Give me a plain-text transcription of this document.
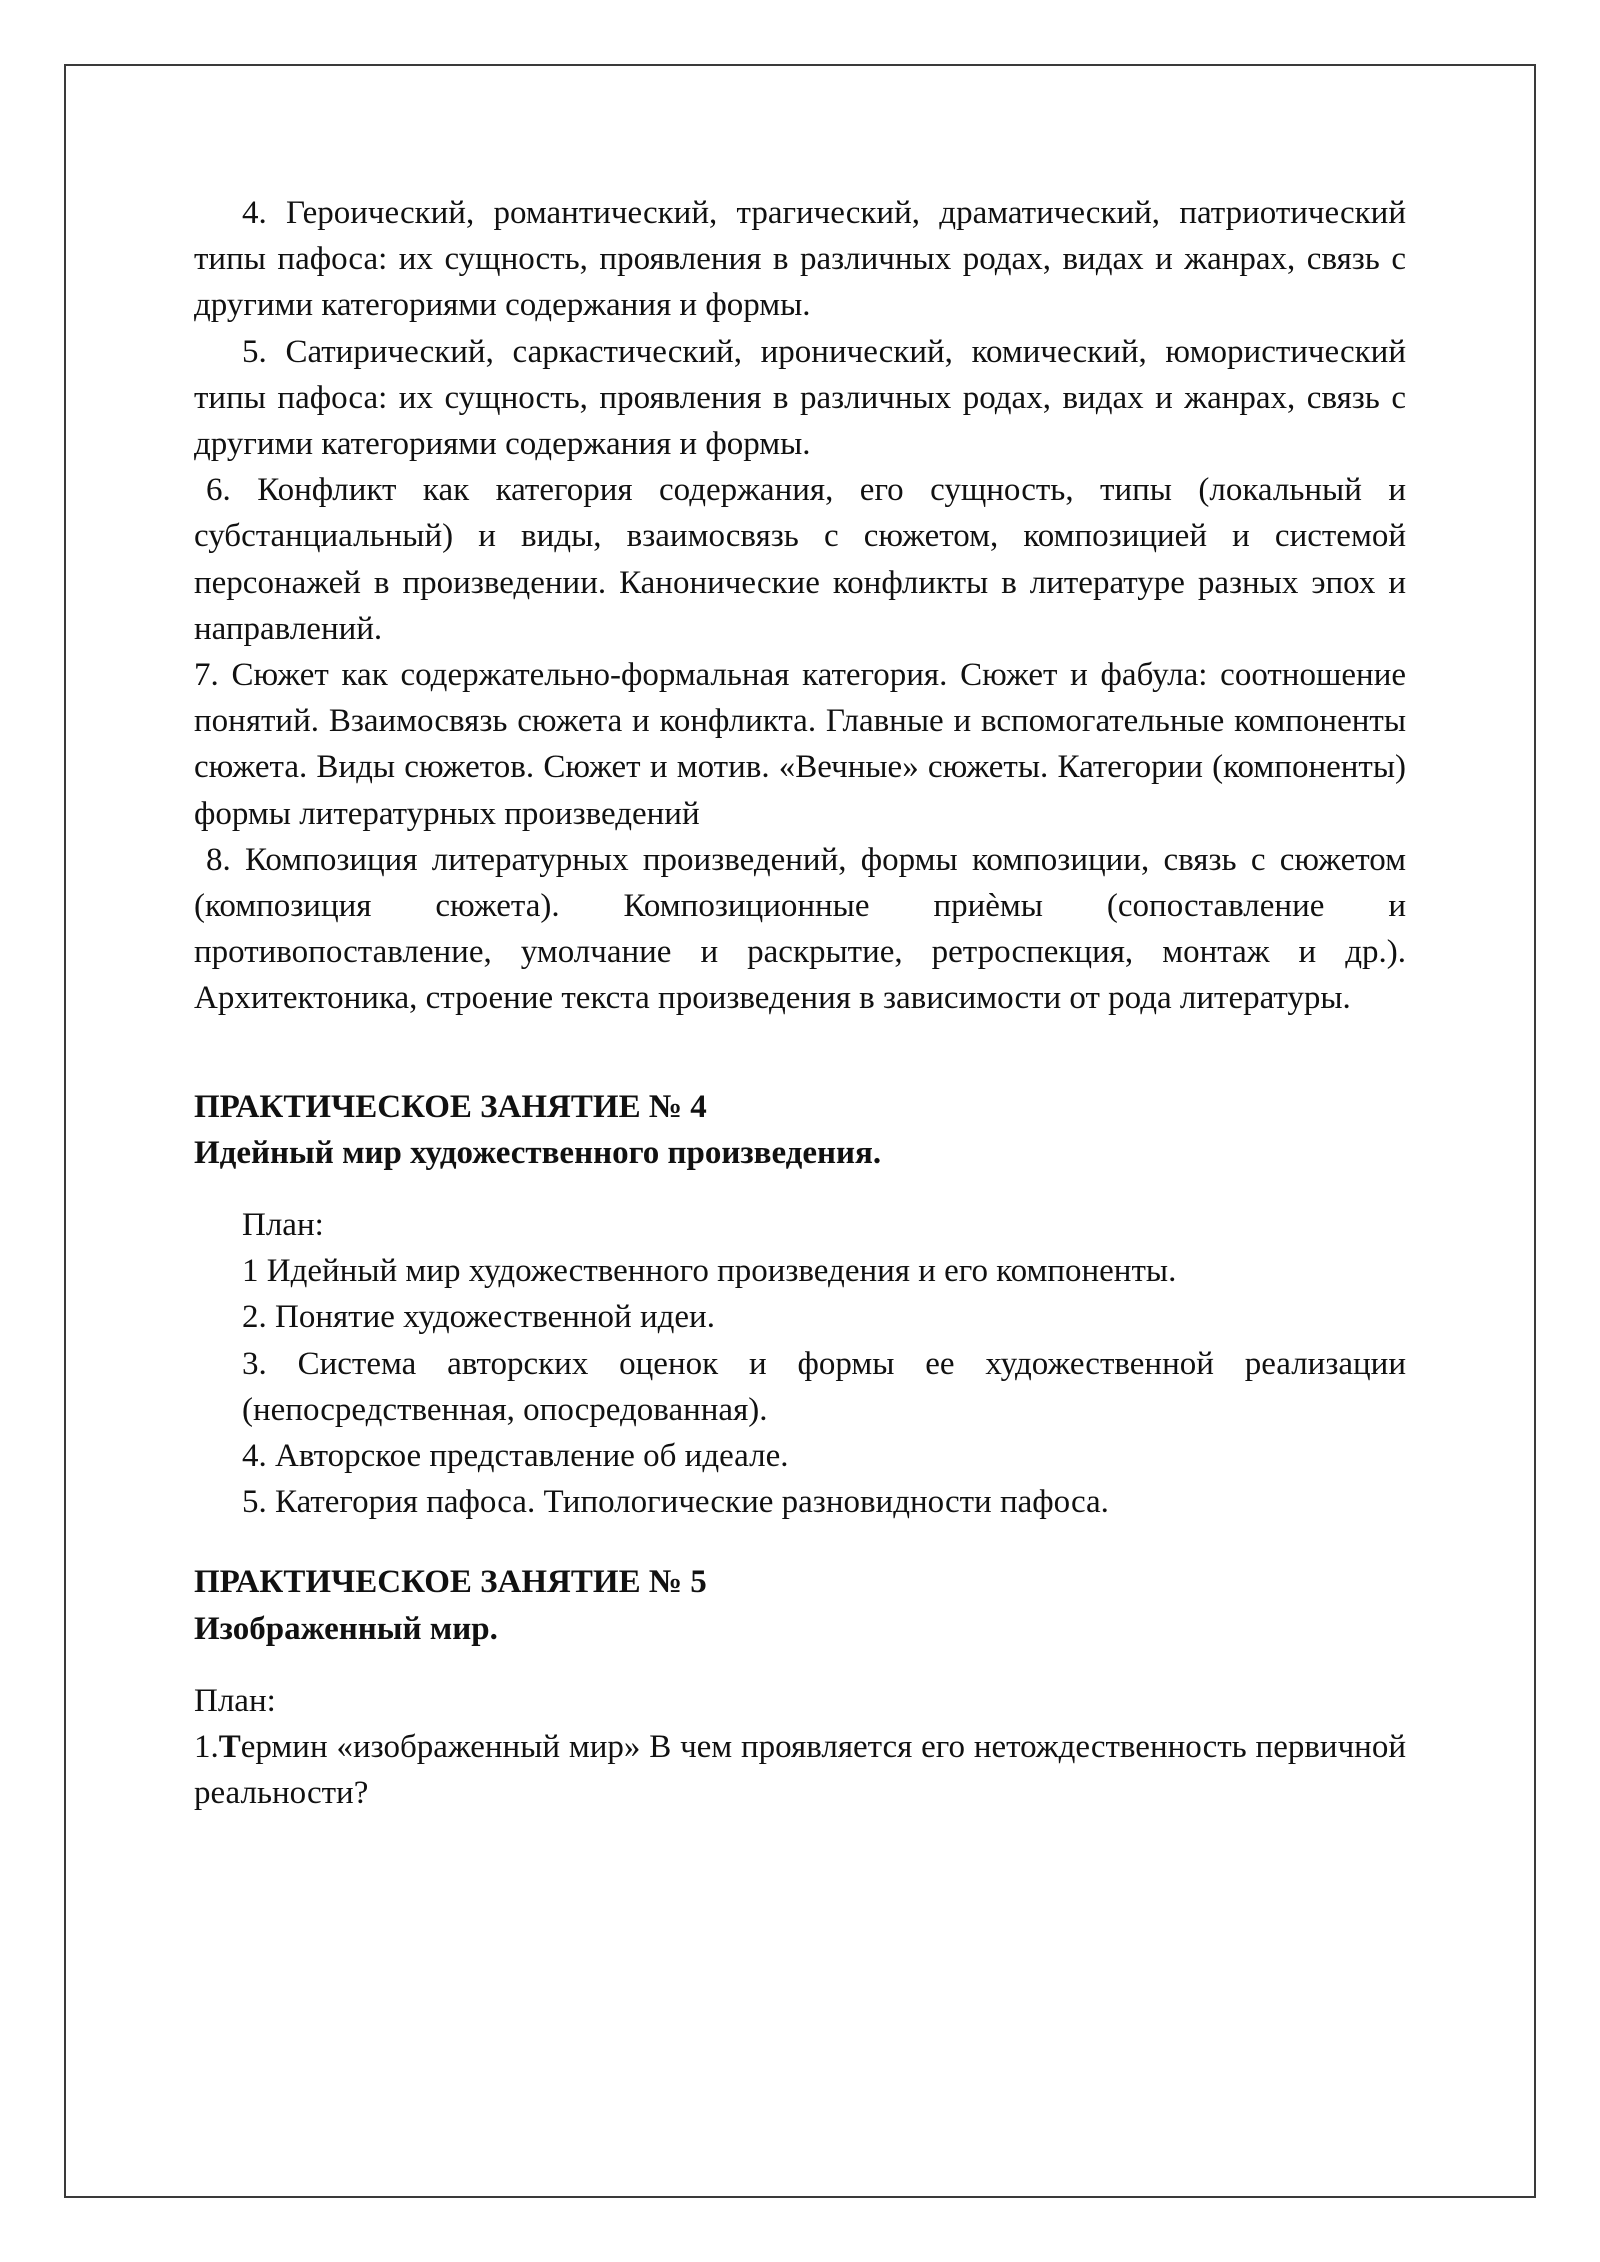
4. Героический, романтический, трагический, драматический, патриотический типы пафоса: их сущность, проявления в различных родах, видах и жанрах, связь с другими категориями содержания и формы.

5. Сатирический, саркастический, иронический, комический, юмористический типы пафоса: их сущность, проявления в различных родах, видах и жанрах, связь с другими категориями содержания и формы.

6. Конфликт как категория содержания, его сущность, типы (локальный и субстанциальный) и виды, взаимосвязь с сюжетом, композицией и системой персонажей в произведении. Канонические конфликты в литературе разных эпох и направлений.

7. Сюжет как содержательно-формальная категория. Сюжет и фабула: соотношение понятий. Взаимосвязь сюжета и конфликта. Главные и вспомогательные компоненты сюжета. Виды сюжетов. Сюжет и мотив. «Вечные» сюжеты. Категории (компоненты) формы литературных произведений

8. Композиция литературных произведений, формы композиции, связь с сюжетом (композиция сюжета). Композиционные приѐмы (сопоставление и противопоставление, умолчание и раскрытие, ретроспекция, монтаж и др.). Архитектоника, строение текста произведения в зависимости от рода литературы.

ПРАКТИЧЕСКОЕ ЗАНЯТИЕ № 4

Идейный мир художественного произведения.

План:

1 Идейный мир художественного произведения и его компоненты.

2. Понятие художественной идеи.

3. Система авторских оценок и формы ее художественной реализации (непосредственная, опосредованная).

4. Авторское представление об идеале.

5. Категория пафоса. Типологические разновидности пафоса.

ПРАКТИЧЕСКОЕ ЗАНЯТИЕ № 5

Изображенный мир.

План:

1.Термин «изображенный мир» В чем проявляется его нетождественность первичной реальности?
